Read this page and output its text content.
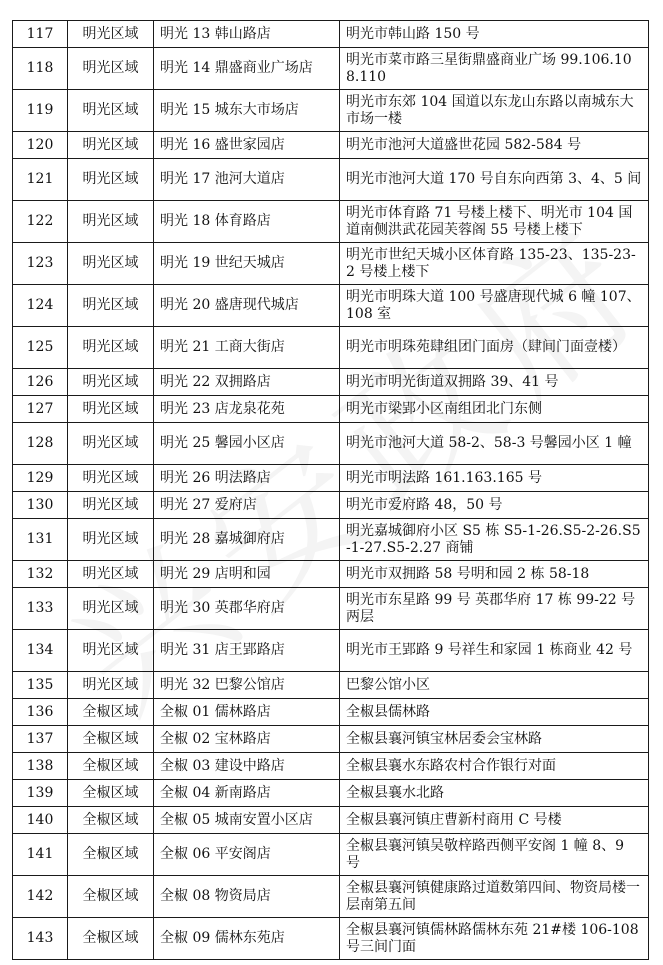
117	明光区域	明光 13 韩山路店	明光市韩山路 150 号
118	明光区域	明光 14 鼎盛商业广场店	明光市菜市路三星街鼎盛商业广场 99.106.108.110
119	明光区域	明光 15 城东大市场店	明光市东郊 104 国道以东龙山东路以南城东大市场一楼
120	明光区域	明光 16 盛世家园店	明光市池河大道盛世花园 582-584 号
121	明光区域	明光 17 池河大道店	明光市池河大道 170 号自东向西第 3、4、5 间
122	明光区域	明光 18 体育路店	明光市体育路 71 号楼上楼下、明光市 104 国道南侧洪武花园芙蓉阁 55 号楼上楼下
123	明光区域	明光 19 世纪天城店	明光市世纪天城小区体育路 135-23、135-23-2 号楼上楼下
124	明光区域	明光 20 盛唐现代城店	明光市明珠大道 100 号盛唐现代城 6 幢 107、108 室
125	明光区域	明光 21 工商大街店	明光市明珠苑肆组团门面房（肆间门面壹楼）
126	明光区域	明光 22 双拥路店	明光市明光街道双拥路 39、41 号
127	明光区域	明光 23 店龙泉花苑	明光市梁郢小区南组团北门东侧
128	明光区域	明光 25 馨园小区店	明光市池河大道 58-2、58-3 号馨园小区 1 幢
129	明光区域	明光 26 明法路店	明光市明法路 161.163.165 号
130	明光区域	明光 27 爱府店	明光市爱府路 48，50 号
131	明光区域	明光 28 嘉城御府店	明光嘉城御府小区 S5 栋 S5-1-26.S5-2-26.S5-1-27.S5-2.27 商铺
132	明光区域	明光 29 店明和园	明光市双拥路 58 号明和园 2 栋 58-18
133	明光区域	明光 30 英郡华府店	明光市东星路 99 号 英郡华府 17 栋 99-22 号两层
134	明光区域	明光 31 店王郢路店	明光市王郢路 9 号祥生和家园 1 栋商业 42 号
135	明光区域	明光 32 巴黎公馆店	巴黎公馆小区
136	全椒区域	全椒 01 儒林路店	全椒县儒林路
137	全椒区域	全椒 02 宝林路店	全椒县襄河镇宝林居委会宝林路
138	全椒区域	全椒 03 建设中路店	全椒县襄水东路农村合作银行对面
139	全椒区域	全椒 04 新南路店	全椒县襄水北路
140	全椒区域	全椒 05 城南安置小区店	全椒县襄河镇庄曹新村商用 C 号楼
141	全椒区域	全椒 06 平安阁店	全椒县襄河镇吴敬梓路西侧平安阁 1 幢 8、9 号
142	全椒区域	全椒 08 物资局店	全椒县襄河镇健康路过道数第四间、物资局楼一层南第五间
143	全椒区域	全椒 09 儒林东苑店	全椒县襄河镇儒林路儒林东苑 21#楼 106-108 号三间门面
